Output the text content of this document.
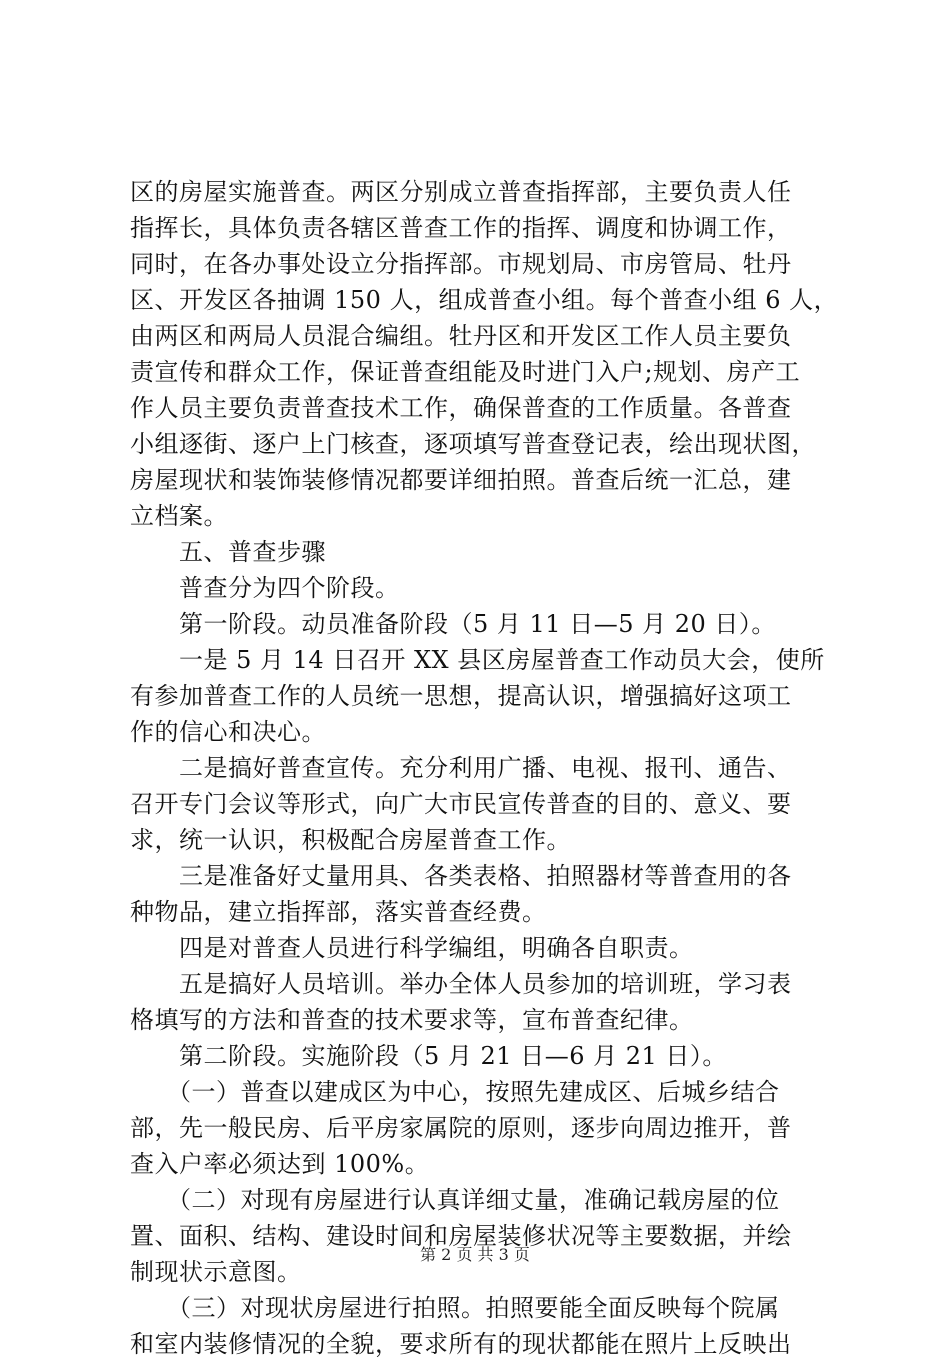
区的房屋实施普查。两区分别成立普查指挥部，主要负责人任
指挥长，具体负责各辖区普查工作的指挥、调度和协调工作，
同时，在各办事处设立分指挥部。市规划局、市房管局、牡丹
区、开发区各抽调 150 人，组成普查小组。每个普查小组 6 人，
由两区和两局人员混合编组。牡丹区和开发区工作人员主要负
责宣传和群众工作，保证普查组能及时进门入户;规划、房产工
作人员主要负责普查技术工作，确保普查的工作质量。各普查
小组逐街、逐户上门核查，逐项填写普查登记表，绘出现状图，
房屋现状和装饰装修情况都要详细拍照。普查后统一汇总，建
立档案。
　　五、普查步骤
　　普查分为四个阶段。
　　第一阶段。动员准备阶段（5 月 11 日—5 月 20 日）。
　　一是 5 月 14 日召开 XX 县区房屋普查工作动员大会，使所
有参加普查工作的人员统一思想，提高认识，增强搞好这项工
作的信心和决心。
　　二是搞好普查宣传。充分利用广播、电视、报刊、通告、
召开专门会议等形式，向广大市民宣传普查的目的、意义、要
求，统一认识，积极配合房屋普查工作。
　　三是准备好丈量用具、各类表格、拍照器材等普查用的各
种物品，建立指挥部，落实普查经费。
　　四是对普查人员进行科学编组，明确各自职责。
　　五是搞好人员培训。举办全体人员参加的培训班，学习表
格填写的方法和普查的技术要求等，宣布普查纪律。
　　第二阶段。实施阶段（5 月 21 日—6 月 21 日）。
　　（一）普查以建成区为中心，按照先建成区、后城乡结合
部，先一般民房、后平房家属院的原则，逐步向周边推开，普
查入户率必须达到 100%。
　　（二）对现有房屋进行认真详细丈量，准确记载房屋的位
置、面积、结构、建设时间和房屋装修状况等主要数据，并绘
制现状示意图。
　　（三）对现状房屋进行拍照。拍照要能全面反映每个院属
和室内装修情况的全貌，要求所有的现状都能在照片上反映出
第 2 页 共 3 页
